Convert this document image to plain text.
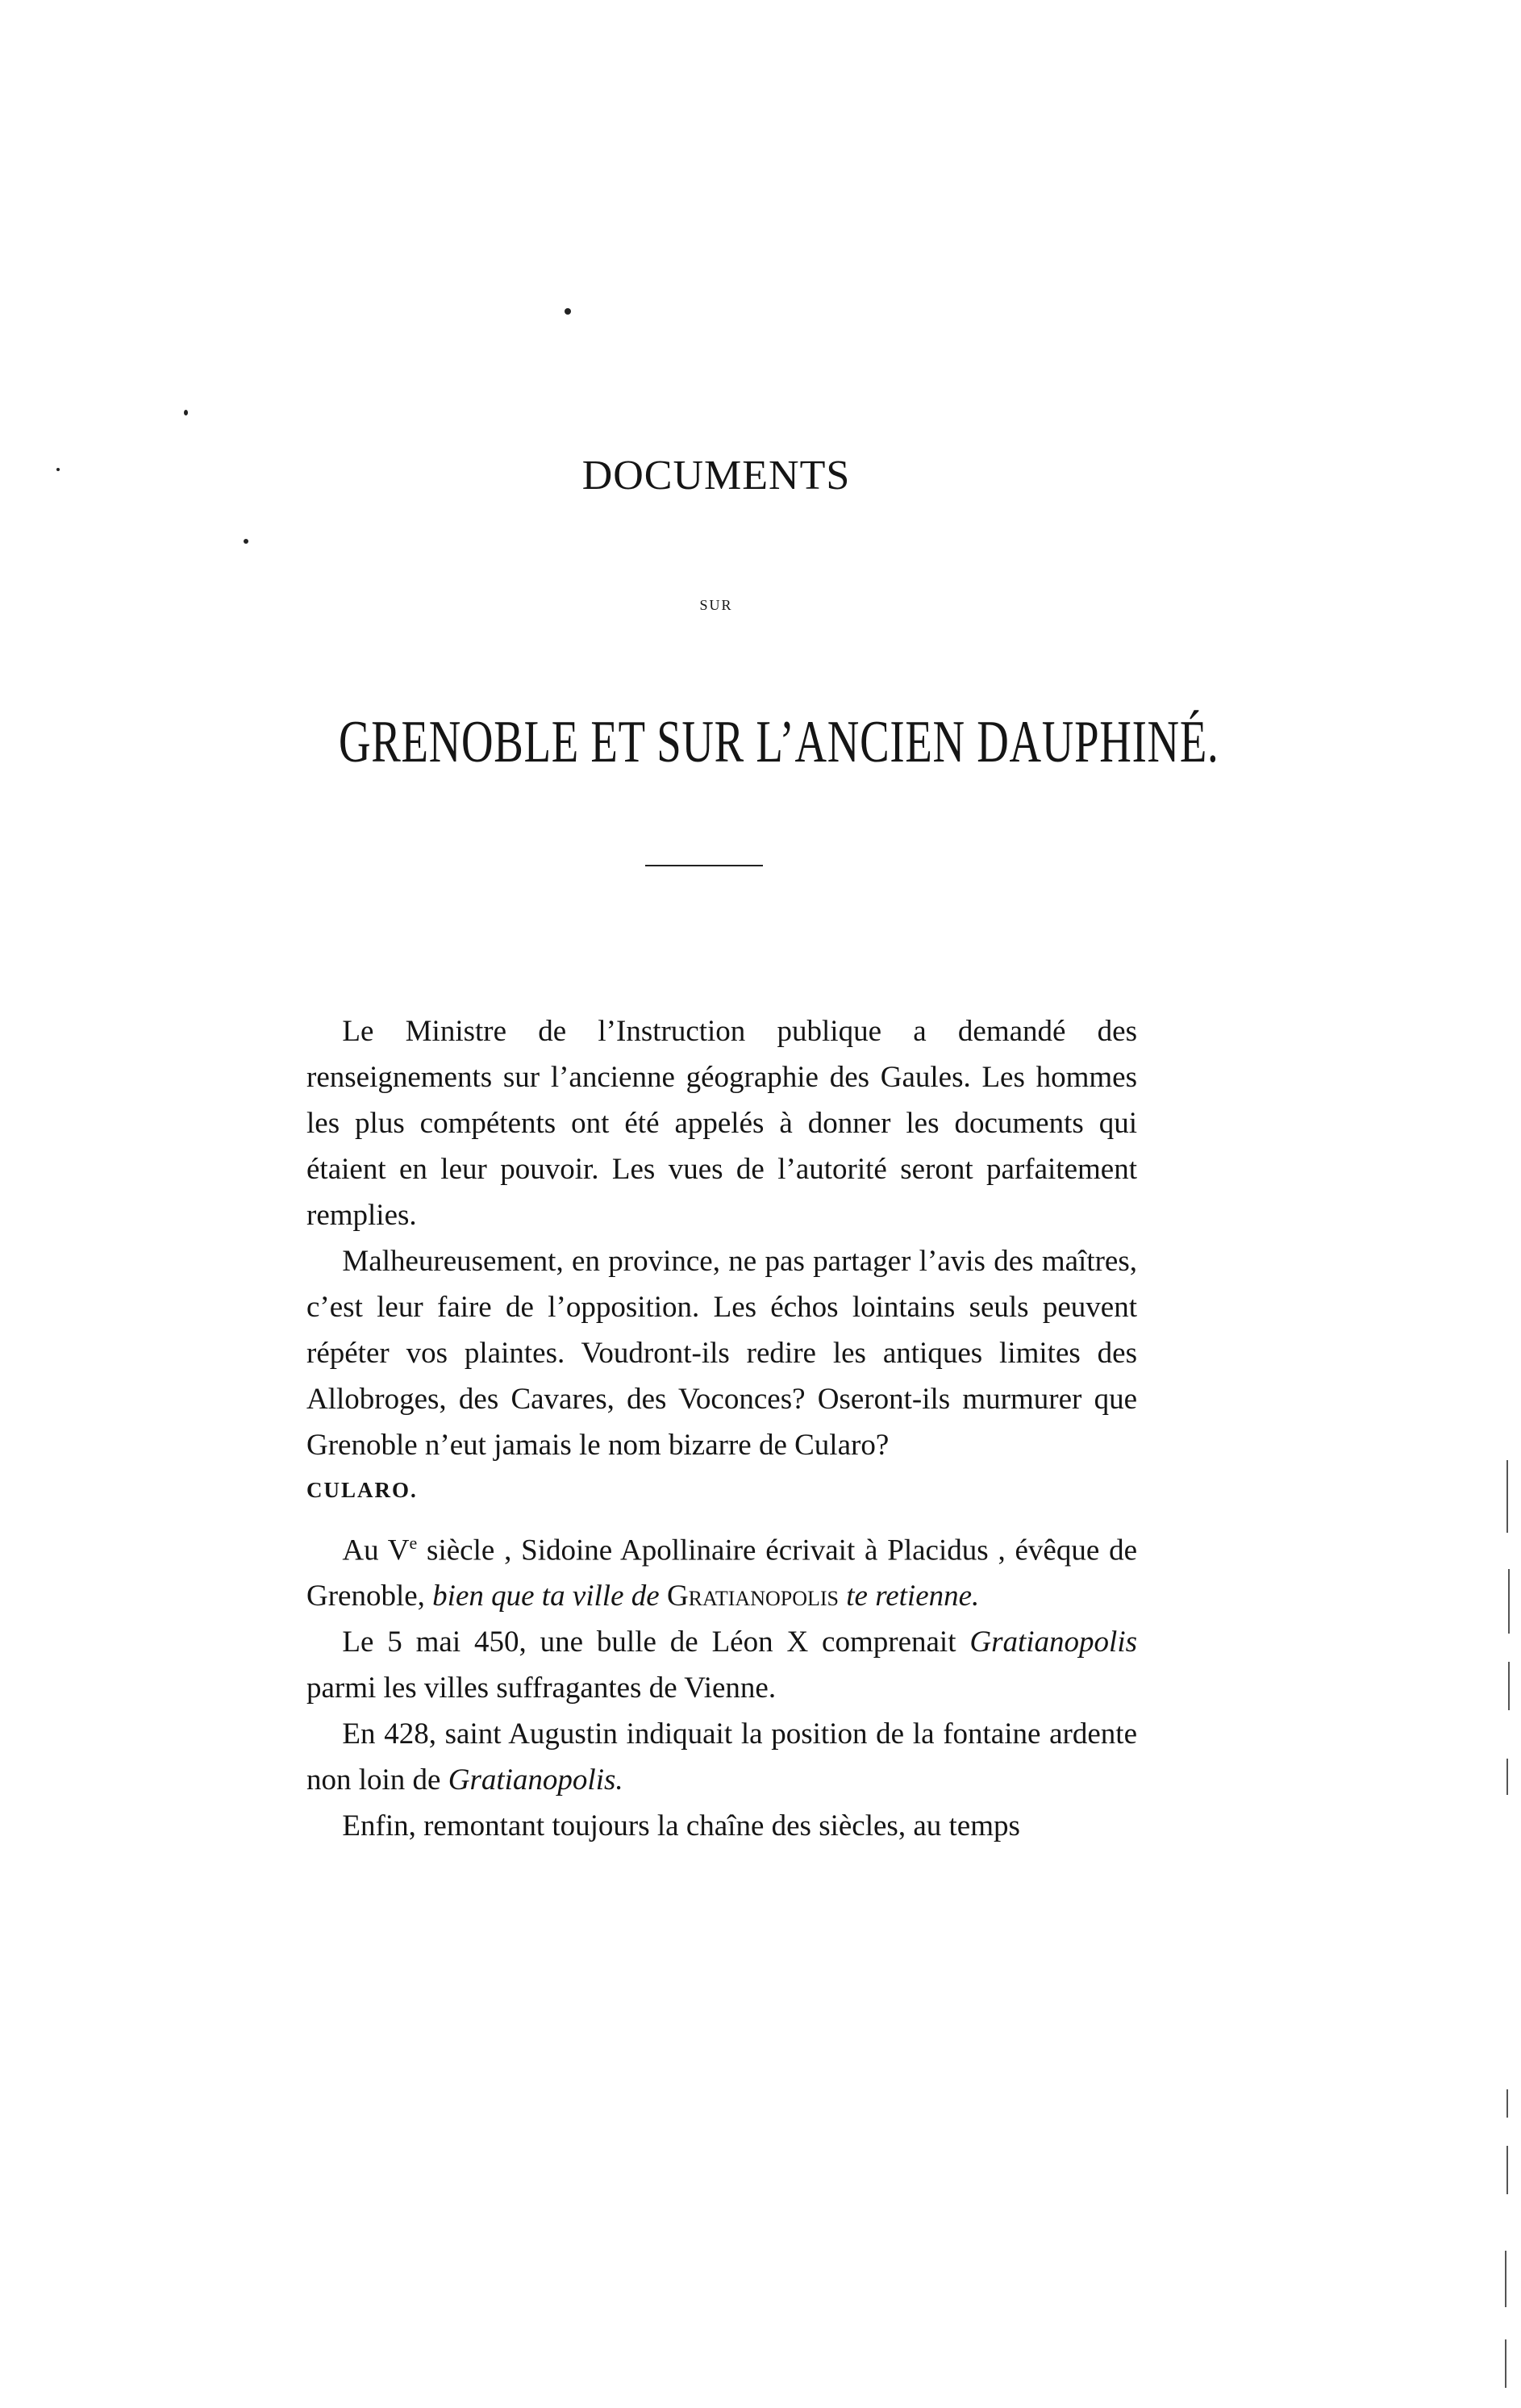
DOCUMENTS
SUR
GRENOBLE ET SUR L’ANCIEN DAUPHINÉ.

Le Ministre de l’Instruction publique a demandé des renseignements sur l’ancienne géographie des Gaules. Les hommes les plus compétents ont été appelés à donner les documents qui étaient en leur pouvoir. Les vues de l’autorité seront parfaitement remplies.

Malheureusement, en province, ne pas partager l’avis des maîtres, c’est leur faire de l’opposition. Les échos lointains seuls peuvent répéter vos plaintes. Voudront-ils redire les antiques limites des Allobroges, des Cavares, des Voconces? Oseront-ils murmurer que Grenoble n’eut jamais le nom bizarre de Cularo?

CULARO.

Au Ve siècle , Sidoine Apollinaire écrivait à Placidus , évêque de Grenoble, bien que ta ville de Gratianopolis te retienne.

Le 5 mai 450, une bulle de Léon X comprenait Gratianopolis parmi les villes suffragantes de Vienne.

En 428, saint Augustin indiquait la position de la fontaine ardente non loin de Gratianopolis.

Enfin, remontant toujours la chaîne des siècles, au temps
